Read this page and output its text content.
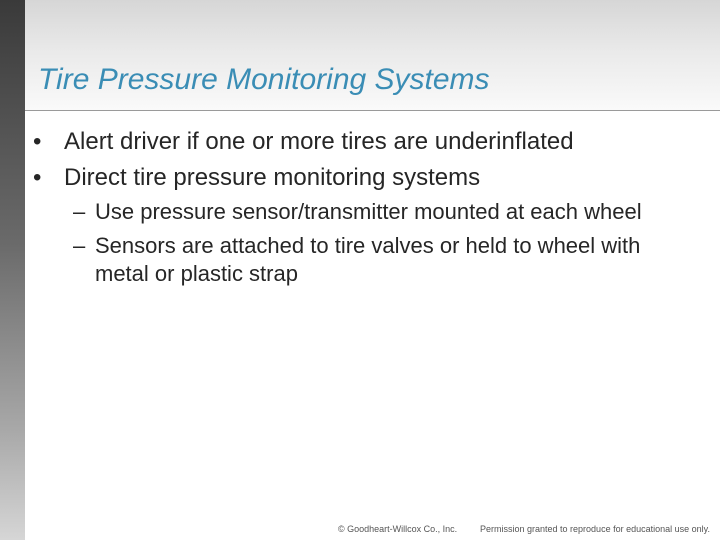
Tire Pressure Monitoring Systems
• Alert driver if one or more tires are underinflated
• Direct tire pressure monitoring systems
– Use pressure sensor/transmitter mounted at each wheel
– Sensors are attached to tire valves or held to wheel with metal or plastic strap
© Goodheart-Willcox Co., Inc.	Permission granted to reproduce for educational use only.
